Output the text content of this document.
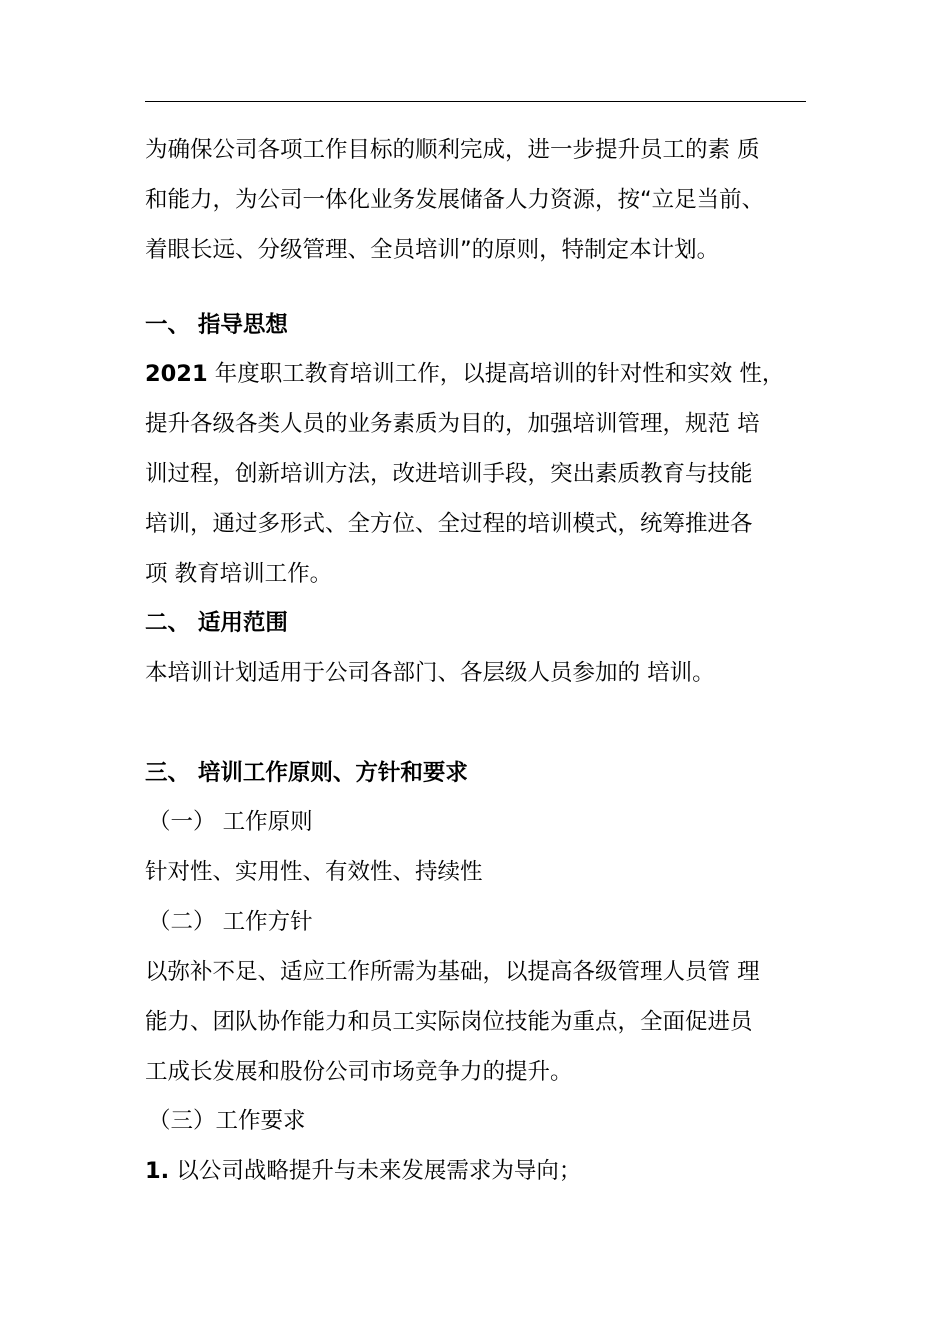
为确保公司各项工作目标的顺利完成，进一步提升员工的素 质
和能力，为公司一体化业务发展储备人力资源，按“立足当前、
着眼长远、分级管理、全员培训”的原则，特制定本计划。
一、 指导思想
2021 年度职工教育培训工作，以提高培训的针对性和实效 性，
提升各级各类人员的业务素质为目的，加强培训管理，规范 培
训过程，创新培训方法，改进培训手段，突出素质教育与技能
培训，通过多形式、全方位、全过程的培训模式，统筹推进各
项 教育培训工作。
二、 适用范围
本培训计划适用于公司各部门、各层级人员参加的 培训。
三、 培训工作原则、方针和要求
（一） 工作原则
针对性、实用性、有效性、持续性
（二） 工作方针
以弥补不足、适应工作所需为基础，以提高各级管理人员管 理
能力、团队协作能力和员工实际岗位技能为重点，全面促进员
工成长发展和股份公司市场竞争力的提升。
（三）工作要求
1. 以公司战略提升与未来发展需求为导向；
